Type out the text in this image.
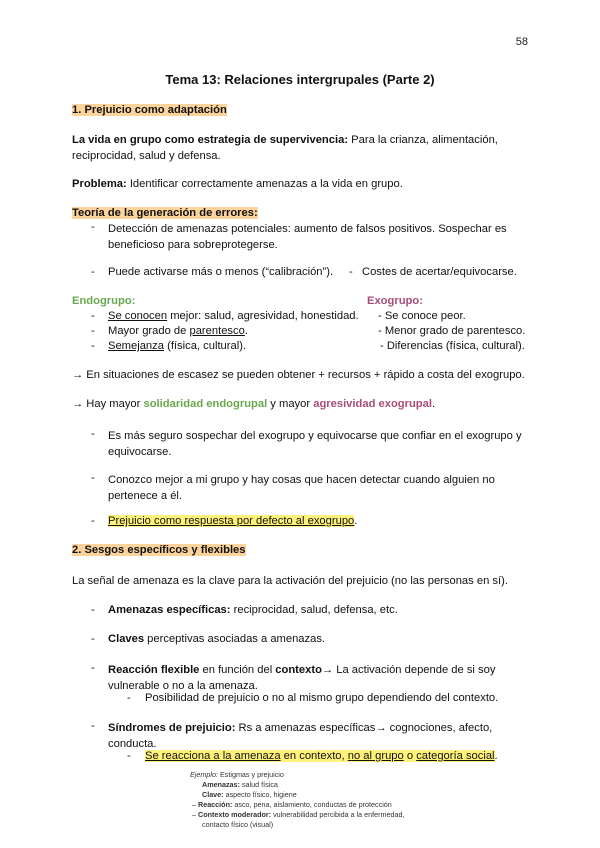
58
Tema 13: Relaciones intergrupales (Parte 2)
1. Prejuicio como adaptación
La vida en grupo como estrategia de supervivencia: Para la crianza, alimentación,
reciprocidad, salud y defensa.
Problema: Identificar correctamente amenazas a la vida en grupo.
Teoría de la generación de errores:
- Detección de amenazas potenciales: aumento de falsos positivos. Sospechar es
beneficioso para sobreprotegerse.
- Puede activarse más o menos (“calibración”). - Costes de acertar/equivocarse.
Endogrupo:	Exogrupo:
- Se conocen mejor: salud, agresividad, honestidad. - Se conoce peor.
- Mayor grado de parentesco.	- Menor grado de parentesco.
- Semejanza (física, cultural).	- Diferencias (física, cultural).
→ En situaciones de escasez se pueden obtener + recursos + rápido a costa del exogrupo.
→ Hay mayor solidaridad endogrupal y mayor agresividad exogrupal.
- Es más seguro sospechar del exogrupo y equivocarse que confiar en el exogrupo y
equivocarse.
- Conozco mejor a mi grupo y hay cosas que hacen detectar cuando alguien no
pertenece a él.
- Prejuicio como respuesta por defecto al exogrupo.
2. Sesgos específicos y flexibles
La señal de amenaza es la clave para la activación del prejuicio (no las personas en sí).
- Amenazas específicas: reciprocidad, salud, defensa, etc.
- Claves perceptivas asociadas a amenazas.
- Reacción flexible en función del contexto→ La activación depende de si soy
vulnerable o no a la amenaza.
- Posibilidad de prejuicio o no al mismo grupo dependiendo del contexto.
- Síndromes de prejuicio: Rs a amenazas específicas→ cognociones, afecto,
conducta.
- Se reacciona a la amenaza en contexto, no al grupo o categoría social.
Ejemplo: Estigmas y prejuicio
Amenazas: salud física
Clave: aspecto físico, higiene
– Reacción: asco, pena, aislamiento, conductas de protección
– Contexto moderador: vulnerabilidad percibida a la enfermedad,
contacto físico (visual)
